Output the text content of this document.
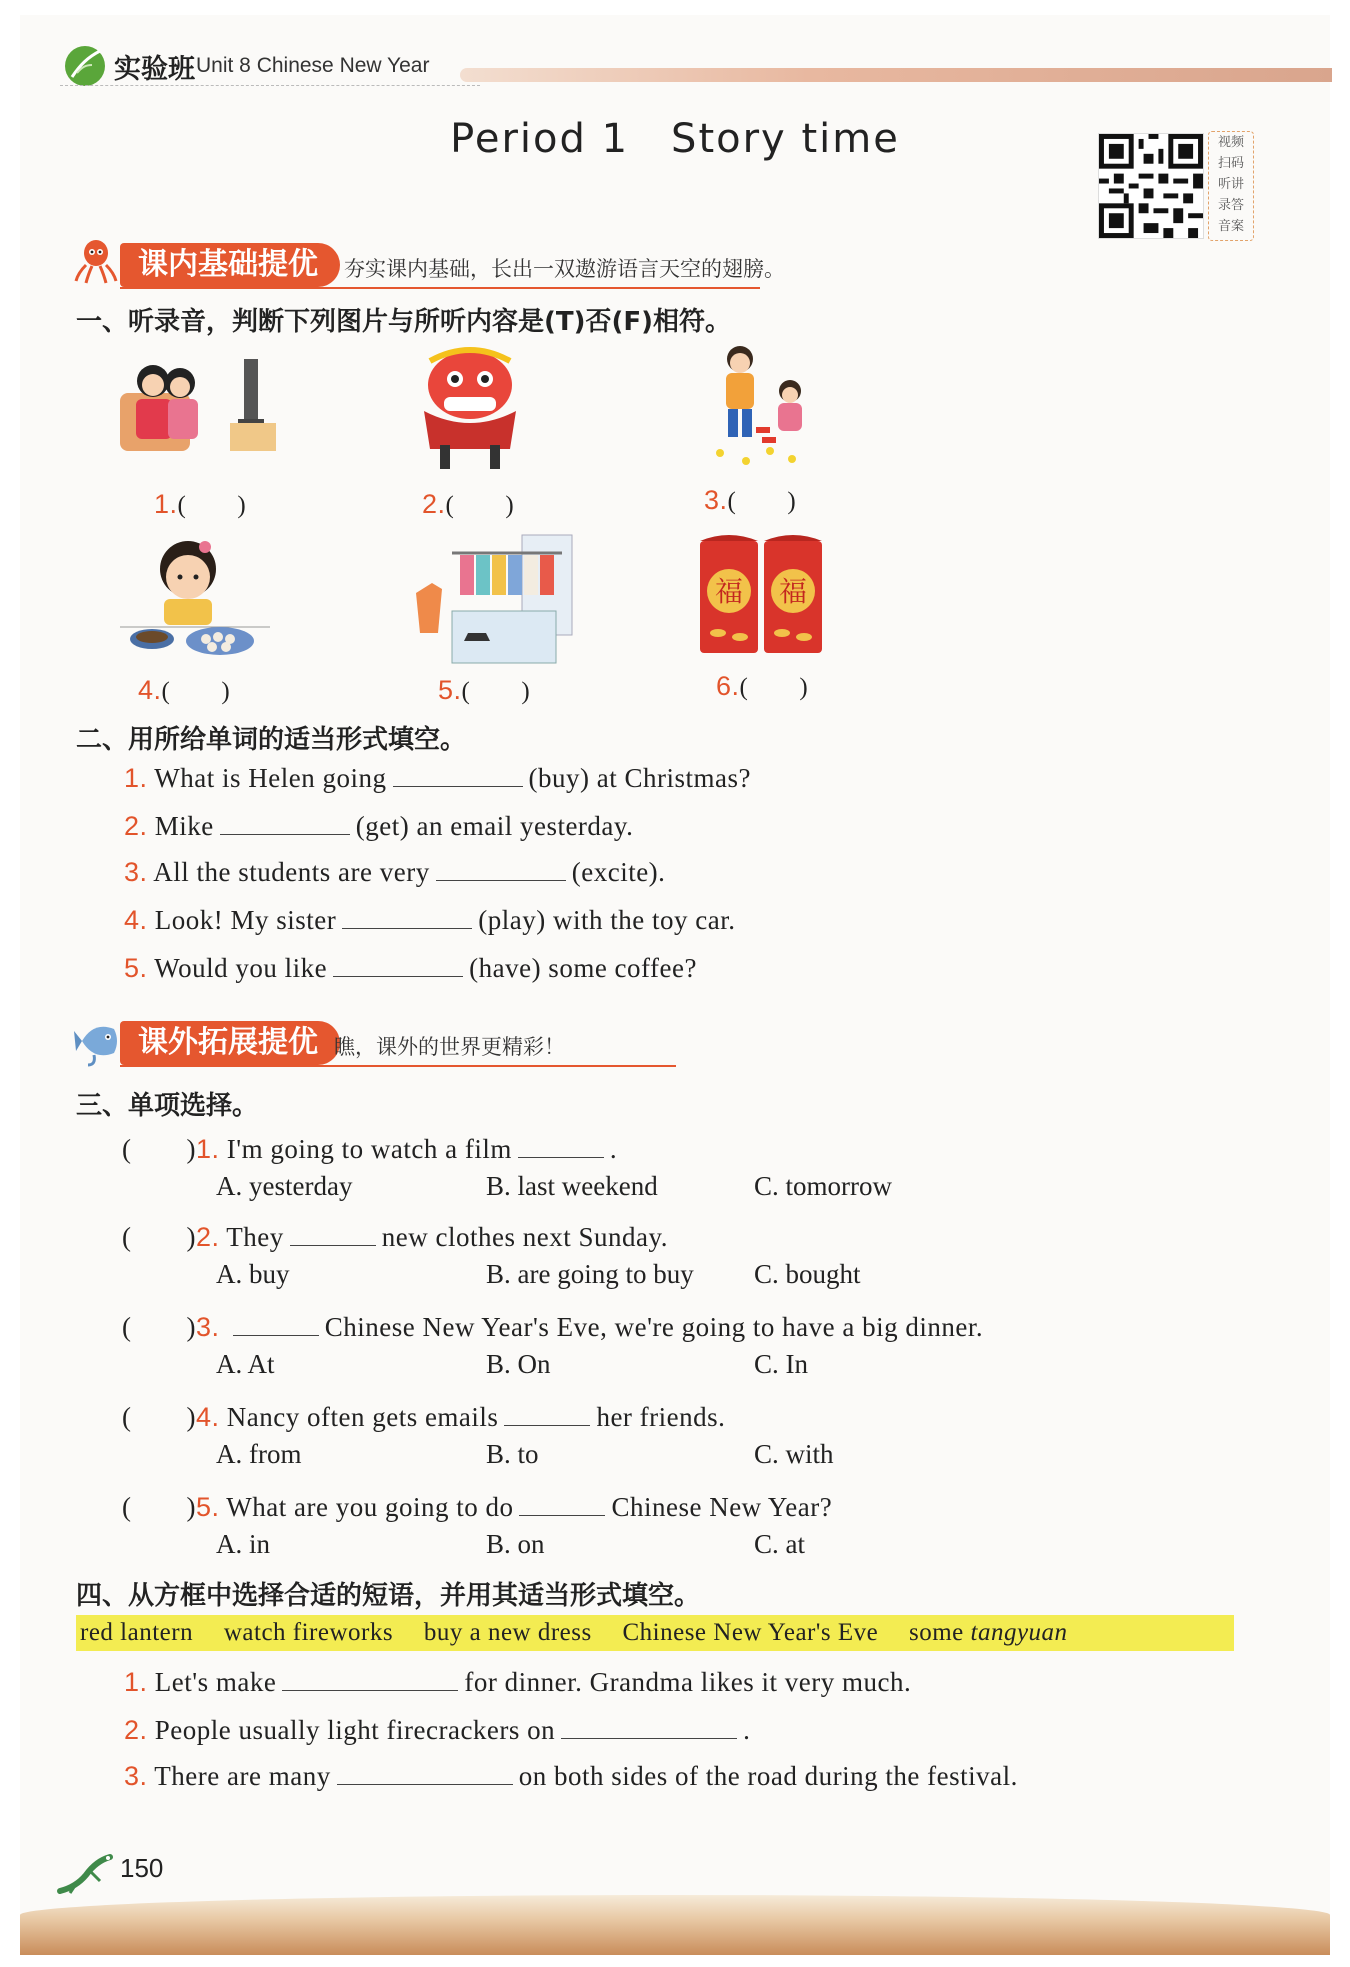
实验班 Unit 8 Chinese New Year
Period 1　Story time	视频
扫码
听讲
录答
音案
课内基础提优	夯实课内基础，长出一双遨游语言天空的翅膀。
一、听录音，判断下列图片与所听内容是(T)否(F)相符。
福 福
1.(　　)	2.(　　)	3.(　　)
4.(　　)	5.(　　)	6.(　　)
二、用所给单词的适当形式填空。
1. What is Helen going	(buy) at Christmas?
2. Mike	(get) an email yesterday.
3. All the students are very	(excite).
4. Look! My sister	(play) with the toy car.
5. Would you like	(have) some coffee?
课外拓展提优 瞧，课外的世界更精彩！
三、单项选择。
(　　)1. I'm going to watch a film	.
A. yesterday	B. last weekend	C. tomorrow
(　　)2. They	new clothes next Sunday.
A. buy	B. are going to buy C. bought
(　　)3.	Chinese New Year's Eve, we're going to have a big dinner.
A. At	B. On	C. In
(　　)4. Nancy often gets emails	her friends.
A. from	B. to	C. with
(　　)5. What are you going to do	Chinese New Year?
A. in	B. on	C. at
四、从方框中选择合适的短语，并用其适当形式填空。
red lantern watch fireworks buy a new dress Chinese New Year's Eve some tangyuan
1. Let's make	for dinner. Grandma likes it very much.
2. People usually light firecrackers on	.
3. There are many	on both sides of the road during the festival.
150
